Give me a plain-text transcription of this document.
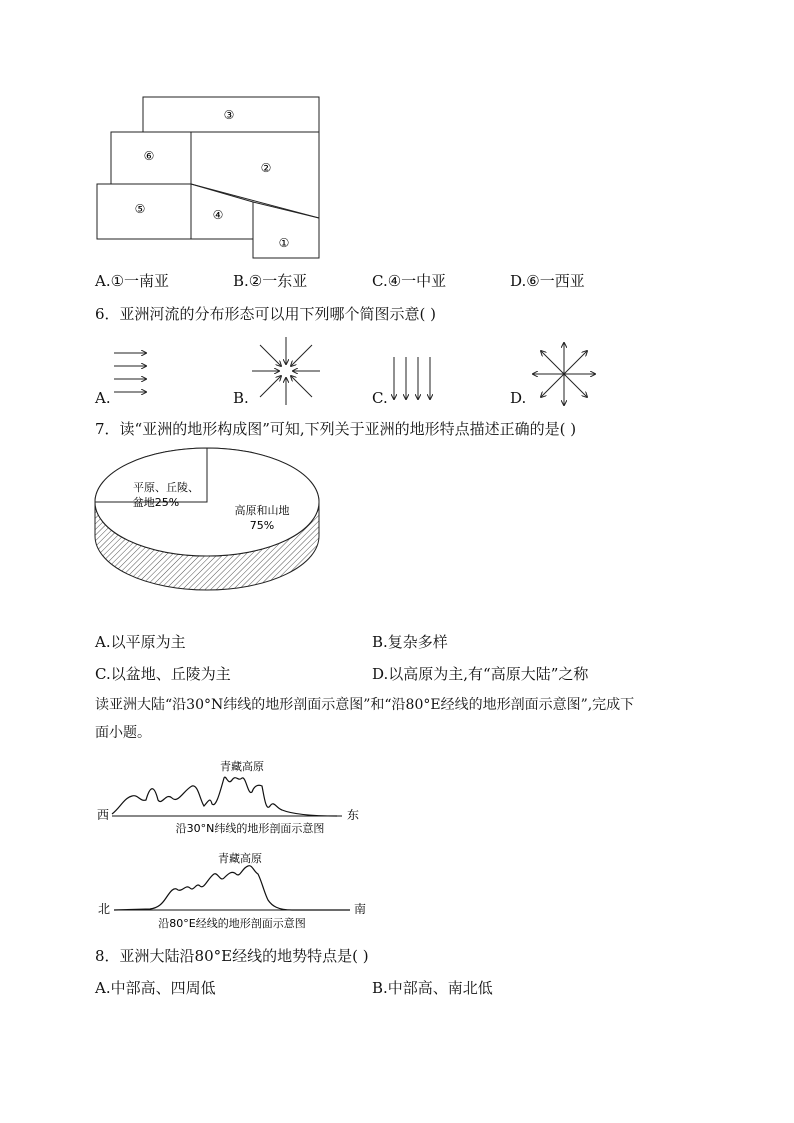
③
⑥
②
⑤	④
①
A.①一南亚	B.②一东亚	C.④一中亚	D.⑥一西亚
6．亚洲河流的分布形态可以用下列哪个简图示意( )
A.	B.	C.	D.
7．读“亚洲的地形构成图”可知,下列关于亚洲的地形特点描述正确的是( )
平原、丘陵、
盆地25%
高原和山地
75%
A.以平原为主	B.复杂多样
C.以盆地、丘陵为主	D.以高原为主,有“高原大陆”之称
读亚洲大陆“沿30°N纬线的地形剖面示意图”和“沿80°E经线的地形剖面示意图”,完成下
面小题。
青藏高原
西	东
沿30°N纬线的地形剖面示意图
青藏高原
北	南
沿80°E经线的地形剖面示意图
8．亚洲大陆沿80°E经线的地势特点是( )
A.中部高、四周低	B.中部高、南北低
